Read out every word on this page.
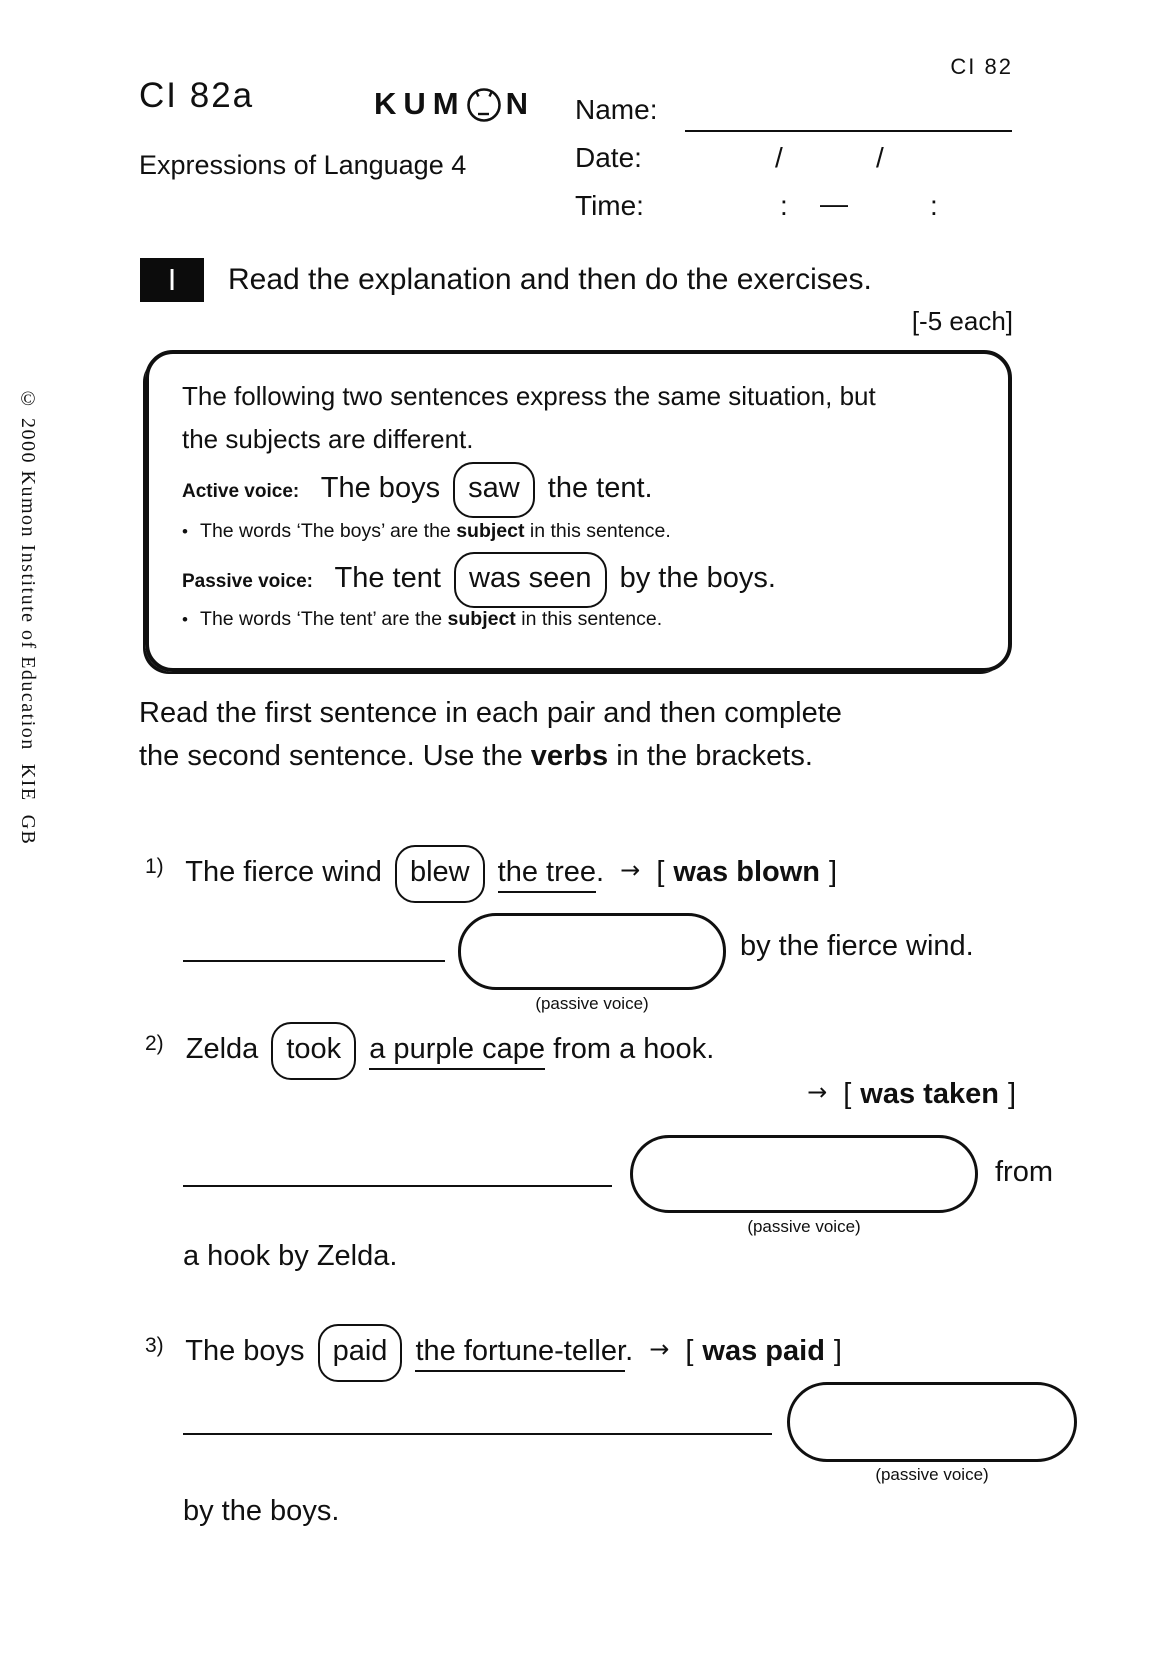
CI 82
CI 82a
Expressions of Language 4
KUM N Name:
Date:	/	/
Time:	: —	:
I Read the explanation and then do the exercises.
[-5 each]
The following two sentences express the same situation, but
the subjects are different.
Active voice: The boys saw the tent.
• The words ‘The boys’ are the subject in this sentence.
Passive voice: The tent was seen by the boys.
• The words ‘The tent’ are the subject in this sentence.
Read the first sentence in each pair and then complete
the second sentence. Use the verbs in the brackets.
$^{1)}$ The fierce wind blew the tree. → [ was blown ]
by the fierce wind.
(passive voice)
$^{2)}$ Zelda took a purple cape from a hook.
→ [ was taken ]
from
(passive voice)
a hook by Zelda.
$^{3)}$ The boys paid the fortune-teller. → [ was paid ]
(passive voice)
by the boys.
© 2000 Kumon Institute of Education  KIE  GB
